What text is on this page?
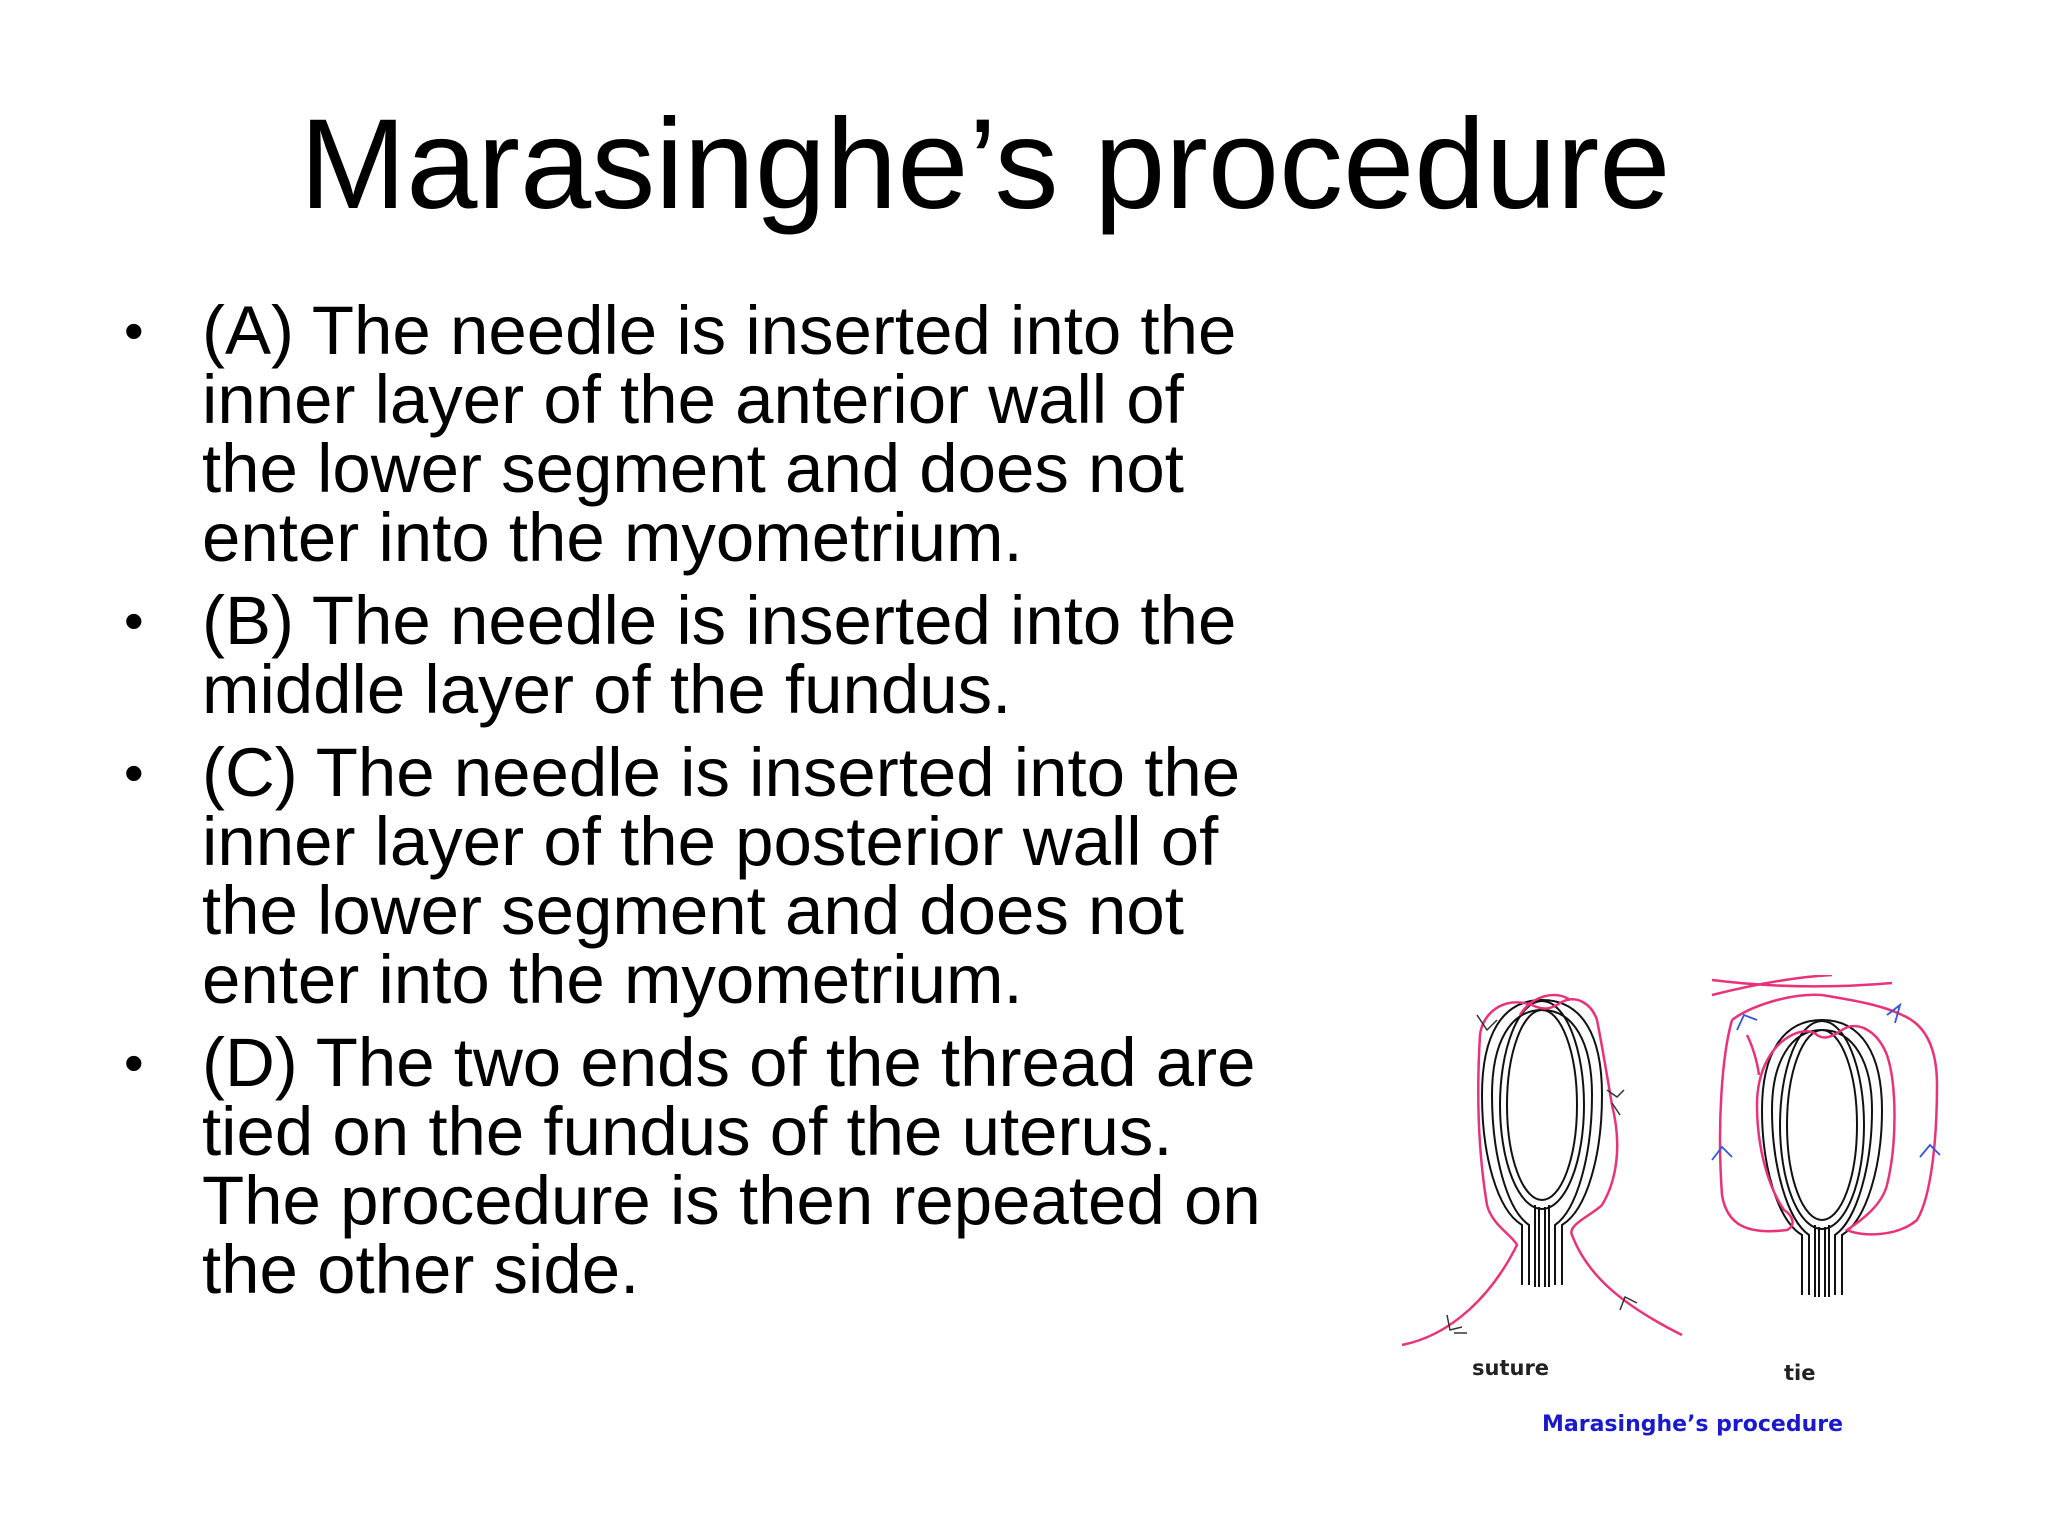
Marasinghe’s procedure
• (A) The needle is inserted into the
inner layer of the anterior wall of
the lower segment and does not
enter into the myometrium.
• (B) The needle is inserted into the
middle layer of the fundus.
• (C) The needle is inserted into the
inner layer of the posterior wall of
the lower segment and does not
enter into the myometrium.
• (D) The two ends of the thread are
tied on the fundus of the uterus.
The procedure is then repeated on
the other side.
suture	tie
Marasinghe’s procedure
